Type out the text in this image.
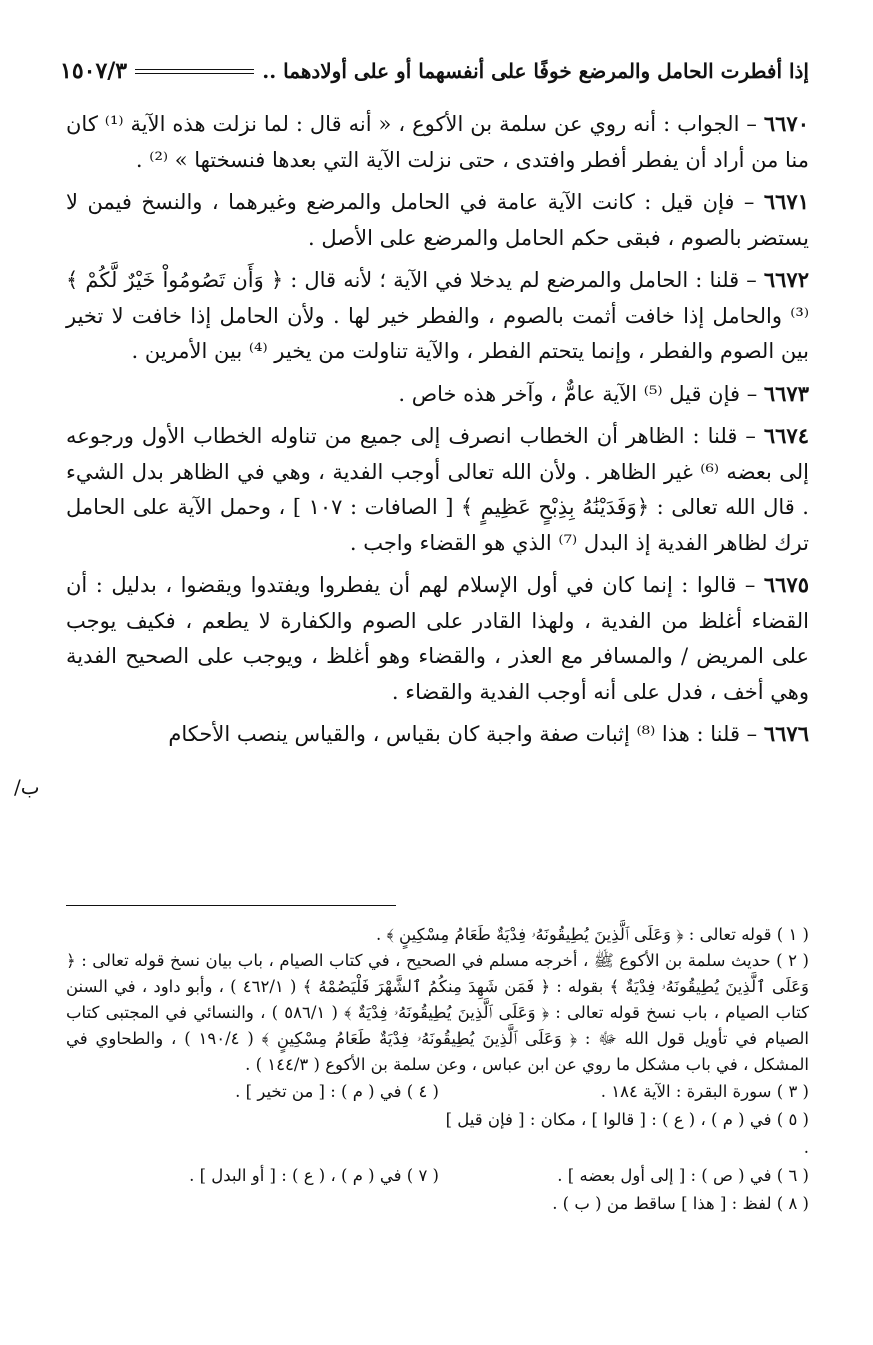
إذا أفطرت الحامل والمرضع خوفًا على أنفسهما أو على أولادهما ..
١٥٠٧/٣
/ب

٦٦٧٠ – الجواب : أنه روي عن سلمة بن الأكوع ، « أنه قال : لما نزلت هذه الآية ⁽¹⁾ كان منا من أراد أن يفطر أفطر وافتدى ، حتى نزلت الآية التي بعدها فنسختها » ⁽²⁾ .

٦٦٧١ – فإن قيل : كانت الآية عامة في الحامل والمرضع وغيرهما ، والنسخ فيمن لا يستضر بالصوم ، فبقى حكم الحامل والمرضع على الأصل .

٦٦٧٢ – قلنا : الحامل والمرضع لم يدخلا في الآية ؛ لأنه قال : ﴿ وَأَن تَصُومُواْ خَيْرٌ لَّكُمْ ﴾ ⁽³⁾ والحامل إذا خافت أثمت بالصوم ، والفطر خير لها . ولأن الحامل إذا خافت لا تخير بين الصوم والفطر ، وإنما يتحتم الفطر ، والآية تناولت من يخير ⁽⁴⁾ بين الأمرين .

٦٦٧٣ – فإن قيل ⁽⁵⁾ الآية عامٌّ ، وآخر هذه خاص .

٦٦٧٤ – قلنا : الظاهر أن الخطاب انصرف إلى جميع من تناوله الخطاب الأول ورجوعه إلى بعضه ⁽⁶⁾ غير الظاهر . ولأن الله تعالى أوجب الفدية ، وهي في الظاهر بدل الشيء . قال الله تعالى : ﴿وَفَدَيْنَٰهُ بِذِبْحٍ عَظِيمٍ ﴾ [ الصافات : ١٠٧ ] ، وحمل الآية على الحامل ترك لظاهر الفدية إذ البدل ⁽⁷⁾ الذي هو القضاء واجب .

٦٦٧٥ – قالوا : إنما كان في أول الإسلام لهم أن يفطروا ويفتدوا ويقضوا ، بدليل : أن القضاء أغلظ من الفدية ، ولهذا القادر على الصوم والكفارة لا يطعم ، فكيف يوجب على المريض / والمسافر مع العذر ، والقضاء وهو أغلظ ، ويوجب على الصحيح الفدية وهي أخف ، فدل على أنه أوجب الفدية والقضاء .

٦٦٧٦ – قلنا : هذا ⁽⁸⁾ إثبات صفة واجبة كان بقياس ، والقياس ينصب الأحكام

( ١ ) قوله تعالى : ﴿ وَعَلَى ٱلَّذِينَ يُطِيقُونَهُۥ فِدْيَةٌ طَعَامُ مِسْكِينٍ ﴾ .

( ٢ ) حديث سلمة بن الأكوع ﷺ ، أخرجه مسلم في الصحيح ، في كتاب الصيام ، باب بيان نسخ قوله تعالى : ﴿ وَعَلَى ٱلَّذِينَ يُطِيقُونَهُۥ فِدْيَةٌ ﴾ بقوله : ﴿ فَمَن شَهِدَ مِنكُمُ ٱلشَّهْرَ فَلْيَصُمْهُ ﴾ ( ٤٦٢/١ ) ، وأبو داود ، في السنن كتاب الصيام ، باب نسخ قوله تعالى : ﴿ وَعَلَى ٱلَّذِينَ يُطِيقُونَهُۥ فِدْيَةٌ ﴾ ( ٥٨٦/١ ) ، والنسائي في المجتبى كتاب الصيام في تأويل قول الله ﷻ : ﴿ وَعَلَى ٱلَّذِينَ يُطِيقُونَهُۥ فِدْيَةٌ طَعَامُ مِسْكِينٍ ﴾ ( ١٩٠/٤ ) ، والطحاوي في المشكل ، في باب مشكل ما روي عن ابن عباس ، وعن سلمة بن الأكوع ( ١٤٤/٣ ) .

( ٣ ) سورة البقرة : الآية ١٨٤ .
( ٤ ) في ( م ) : [ من تخير ] .
( ٥ ) في ( م ) ، ( ع ) : [ قالوا ] ، مكان : [ فإن قيل ] .
( ٦ ) في ( ص ) : [ إلى أول بعضه ] .
( ٧ ) في ( م ) ، ( ع ) : [ أو البدل ] .
( ٨ ) لفظ : [ هذا ] ساقط من ( ب ) .
